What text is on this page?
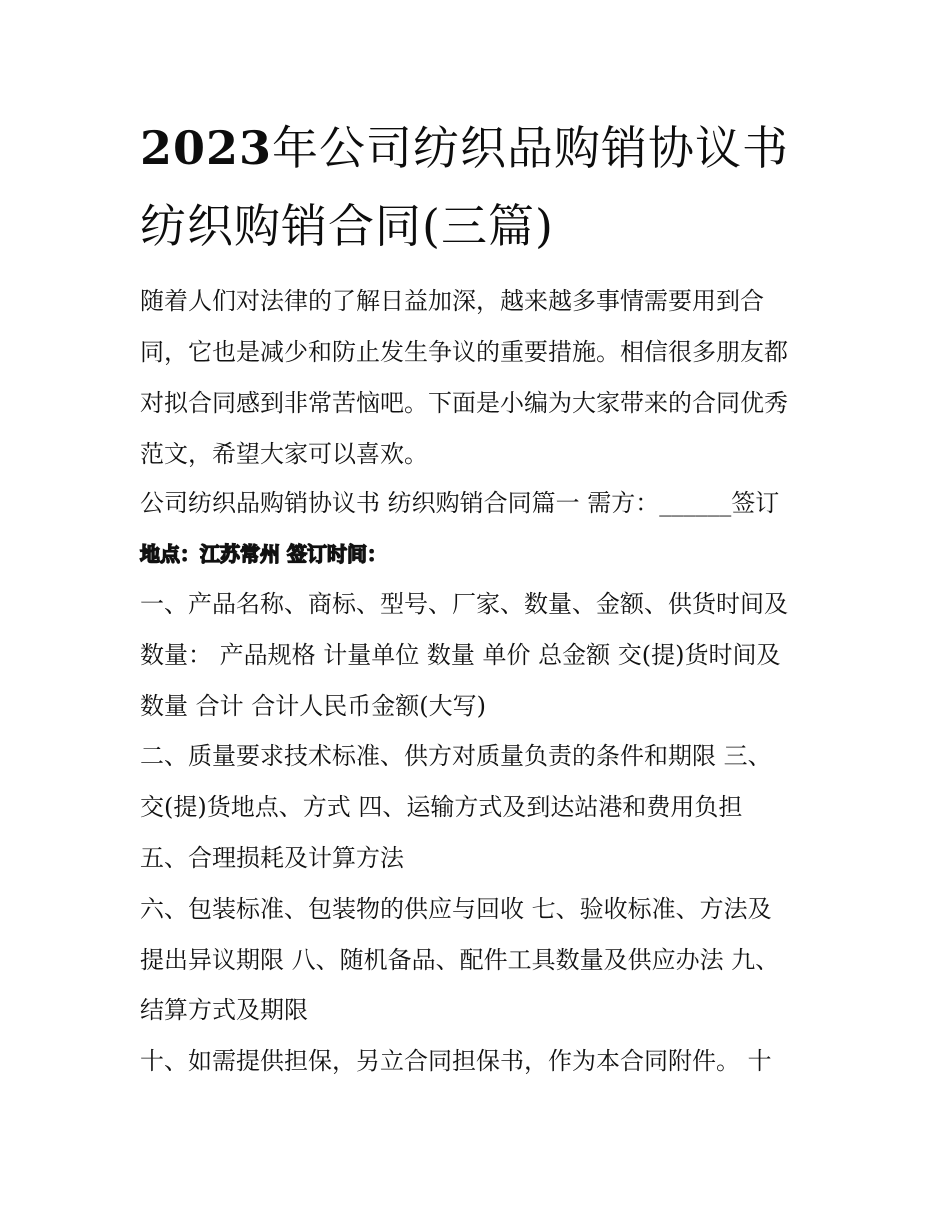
2023年公司纺织品购销协议书
纺织购销合同(三篇)
随着人们对法律的了解日益加深，越来越多事情需要用到合
同，它也是减少和防止发生争议的重要措施。相信很多朋友都
对拟合同感到非常苦恼吧。下面是小编为大家带来的合同优秀
范文，希望大家可以喜欢。
公司纺织品购销协议书 纺织购销合同篇一 需方：______签订
地点：江苏常州 签订时间：
一、产品名称、商标、型号、厂家、数量、金额、供货时间及
数量： 产品规格 计量单位 数量 单价 总金额 交(提)货时间及
数量 合计 合计人民币金额(大写)
二、质量要求技术标准、供方对质量负责的条件和期限 三、
交(提)货地点、方式 四、运输方式及到达站港和费用负担
五、合理损耗及计算方法
六、包装标准、包装物的供应与回收 七、验收标准、方法及
提出异议期限 八、随机备品、配件工具数量及供应办法 九、
结算方式及期限
十、如需提供担保，另立合同担保书，作为本合同附件。 十
